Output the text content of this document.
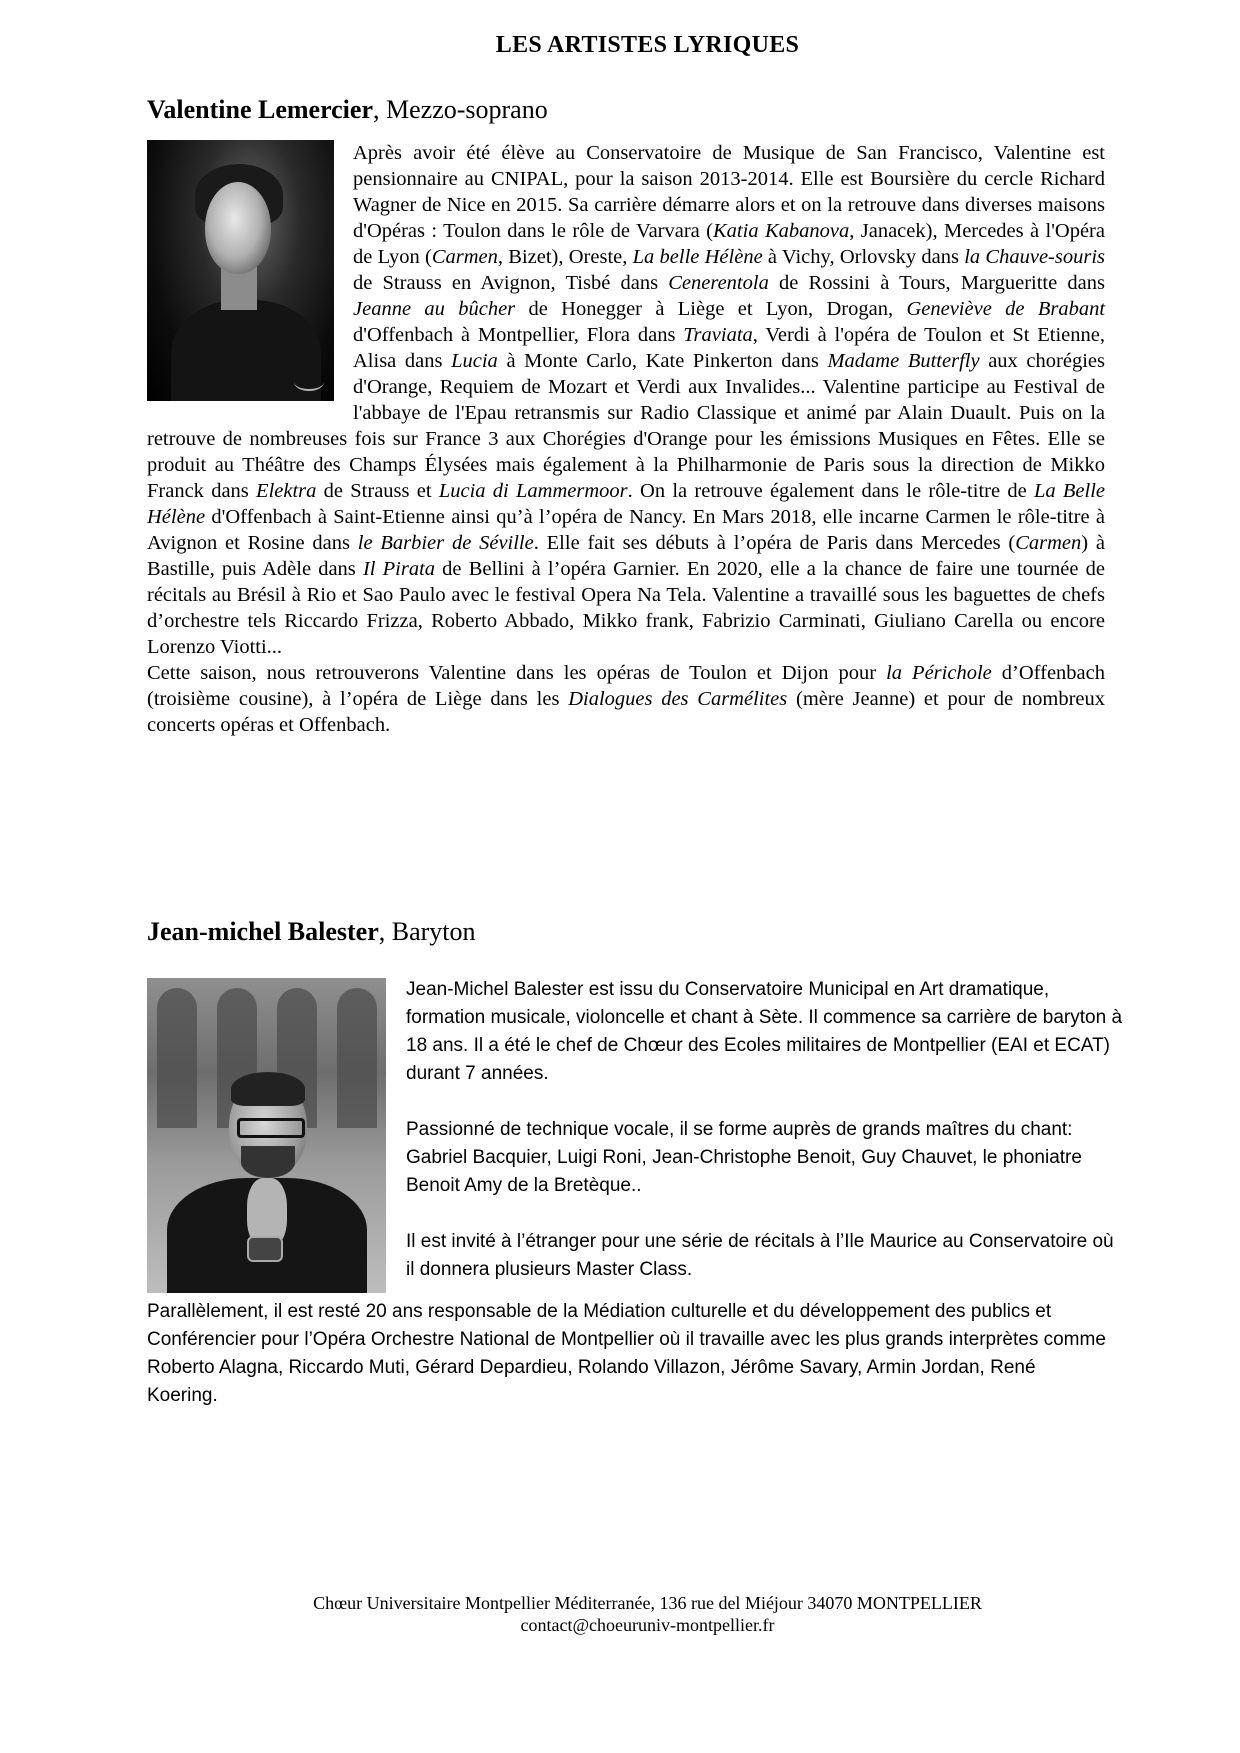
LES ARTISTES LYRIQUES
Valentine Lemercier, Mezzo-soprano

Après avoir été élève au Conservatoire de Musique de San Francisco, Valentine est pensionnaire au CNIPAL, pour la saison 2013-2014. Elle est Boursière du cercle Richard Wagner de Nice en 2015. Sa carrière démarre alors et on la retrouve dans diverses maisons d'Opéras : Toulon dans le rôle de Varvara (Katia Kabanova, Janacek), Mercedes à l'Opéra de Lyon (Carmen, Bizet), Oreste, La belle Hélène à Vichy, Orlovsky dans la Chauve-souris de Strauss en Avignon, Tisbé dans Cenerentola de Rossini à Tours, Margueritte dans Jeanne au bûcher de Honegger à Liège et Lyon, Drogan, Geneviève de Brabant d'Offenbach à Montpellier, Flora dans Traviata, Verdi à l'opéra de Toulon et St Etienne, Alisa dans Lucia à Monte Carlo, Kate Pinkerton dans Madame Butterfly aux chorégies d'Orange, Requiem de Mozart et Verdi aux Invalides... Valentine participe au Festival de l'abbaye de l'Epau retransmis sur Radio Classique et animé par Alain Duault. Puis on la retrouve de nombreuses fois sur France 3 aux Chorégies d'Orange pour les émissions Musiques en Fêtes. Elle se produit au Théâtre des Champs Élysées mais également à la Philharmonie de Paris sous la direction de Mikko Franck dans Elektra de Strauss et Lucia di Lammermoor. On la retrouve également dans le rôle-titre de La Belle Hélène d'Offenbach à Saint-Etienne ainsi qu’à l’opéra de Nancy. En Mars 2018, elle incarne Carmen le rôle-titre à Avignon et Rosine dans le Barbier de Séville. Elle fait ses débuts à l’opéra de Paris dans Mercedes (Carmen) à Bastille, puis Adèle dans Il Pirata de Bellini à l’opéra Garnier. En 2020, elle a la chance de faire une tournée de récitals au Brésil à Rio et Sao Paulo avec le festival Opera Na Tela. Valentine a travaillé sous les baguettes de chefs d’orchestre tels Riccardo Frizza, Roberto Abbado, Mikko frank, Fabrizio Carminati, Giuliano Carella ou encore Lorenzo Viotti...

Cette saison, nous retrouverons Valentine dans les opéras de Toulon et Dijon pour la Périchole d’Offenbach (troisième cousine), à l’opéra de Liège dans les Dialogues des Carmélites (mère Jeanne) et pour de nombreux concerts opéras et Offenbach.

Jean-michel Balester, Baryton

Jean-Michel Balester est issu du Conservatoire Municipal en Art dramatique, formation musicale, violoncelle et chant à Sète. Il commence sa carrière de baryton à 18 ans. Il a été le chef de Chœur des Ecoles militaires de Montpellier (EAI et ECAT) durant 7 années.

Passionné de technique vocale, il se forme auprès de grands maîtres du chant: Gabriel Bacquier, Luigi Roni, Jean-Christophe Benoit, Guy Chauvet, le phoniatre Benoit Amy de la Bretèque..

Il est invité à l’étranger pour une série de récitals à l’Ile Maurice au Conservatoire où il donnera plusieurs Master Class.

Parallèlement, il est resté 20 ans responsable de la Médiation culturelle et du développement des publics et Conférencier pour l’Opéra Orchestre National de Montpellier où il travaille avec les plus grands interprètes comme Roberto Alagna, Riccardo Muti, Gérard Depardieu, Rolando Villazon, Jérôme Savary, Armin Jordan, René Koering.

Chœur Universitaire Montpellier Méditerranée, 136 rue del Miéjour 34070 MONTPELLIER
contact@choeuruniv-montpellier.fr
